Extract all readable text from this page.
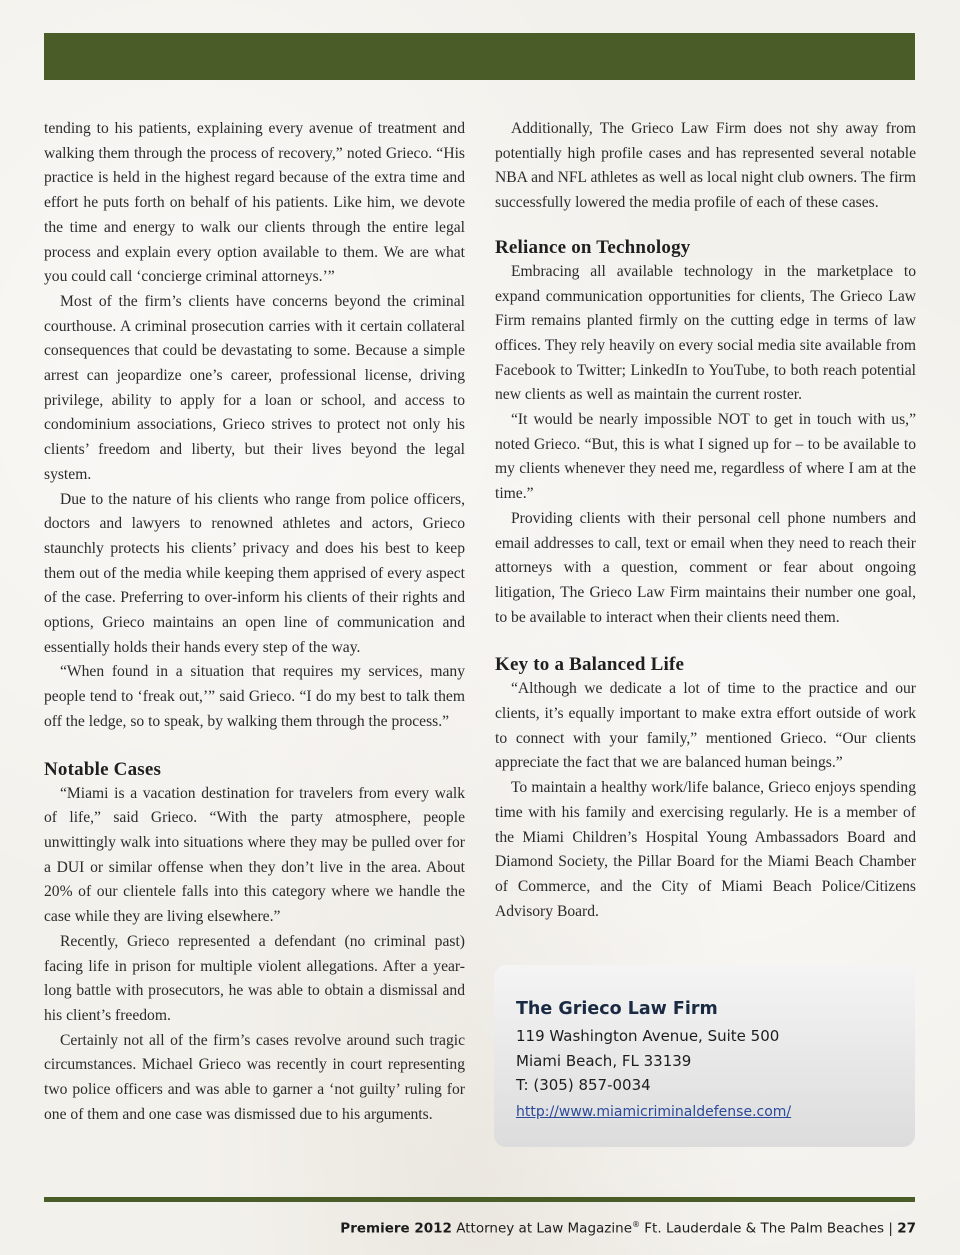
tending to his patients, explaining every avenue of treatment and walking them through the process of recovery,” noted Grieco. “His practice is held in the highest regard because of the extra time and effort he puts forth on behalf of his patients. Like him, we devote the time and energy to walk our clients through the entire legal process and explain every option available to them. We are what you could call ‘concierge criminal attorneys.’”

Most of the firm’s clients have concerns beyond the criminal courthouse. A criminal prosecution carries with it certain collateral consequences that could be devastating to some. Because a simple arrest can jeopardize one’s career, professional license, driving privilege, ability to apply for a loan or school, and access to condominium associations, Grieco strives to protect not only his clients’ freedom and liberty, but their lives beyond the legal system.

Due to the nature of his clients who range from police officers, doctors and lawyers to renowned athletes and actors, Grieco staunchly protects his clients’ privacy and does his best to keep them out of the media while keeping them apprised of every aspect of the case. Preferring to over-inform his clients of their rights and options, Grieco maintains an open line of communication and essentially holds their hands every step of the way.

“When found in a situation that requires my services, many people tend to ‘freak out,’” said Grieco. “I do my best to talk them off the ledge, so to speak, by walking them through the process.”

Notable Cases

“Miami is a vacation destination for travelers from every walk of life,” said Grieco. “With the party atmosphere, people unwittingly walk into situations where they may be pulled over for a DUI or similar offense when they don’t live in the area. About 20% of our clientele falls into this category where we handle the case while they are living elsewhere.”

Recently, Grieco represented a defendant (no criminal past) facing life in prison for multiple violent allegations. After a year-long battle with prosecutors, he was able to obtain a dismissal and his client’s freedom.

Certainly not all of the firm’s cases revolve around such tragic circumstances. Michael Grieco was recently in court representing two police officers and was able to garner a ‘not guilty’ ruling for one of them and one case was dismissed due to his arguments.

Additionally, The Grieco Law Firm does not shy away from potentially high profile cases and has represented several notable NBA and NFL athletes as well as local night club owners. The firm successfully lowered the media profile of each of these cases.

Reliance on Technology

Embracing all available technology in the marketplace to expand communication opportunities for clients, The Grieco Law Firm remains planted firmly on the cutting edge in terms of law offices. They rely heavily on every social media site available from Facebook to Twitter; LinkedIn to YouTube, to both reach potential new clients as well as maintain the current roster.

“It would be nearly impossible NOT to get in touch with us,” noted Grieco. “But, this is what I signed up for – to be available to my clients whenever they need me, regardless of where I am at the time.”

Providing clients with their personal cell phone numbers and email addresses to call, text or email when they need to reach their attorneys with a question, comment or fear about ongoing litigation, The Grieco Law Firm maintains their number one goal, to be available to interact when their clients need them.

Key to a Balanced Life

“Although we dedicate a lot of time to the practice and our clients, it’s equally important to make extra effort outside of work to connect with your family,” mentioned Grieco. “Our clients appreciate the fact that we are balanced human beings.”

To maintain a healthy work/life balance, Grieco enjoys spending time with his family and exercising regularly. He is a member of the Miami Children’s Hospital Young Ambassadors Board and Diamond Society, the Pillar Board for the Miami Beach Chamber of Commerce, and the City of Miami Beach Police/Citizens Advisory Board.

The Grieco Law Firm
119 Washington Avenue, Suite 500
Miami Beach, FL 33139
T: (305) 857-0034
http://www.miamicriminaldefense.com/
Premiere 2012 Attorney at Law Magazine® Ft. Lauderdale & The Palm Beaches | 27
